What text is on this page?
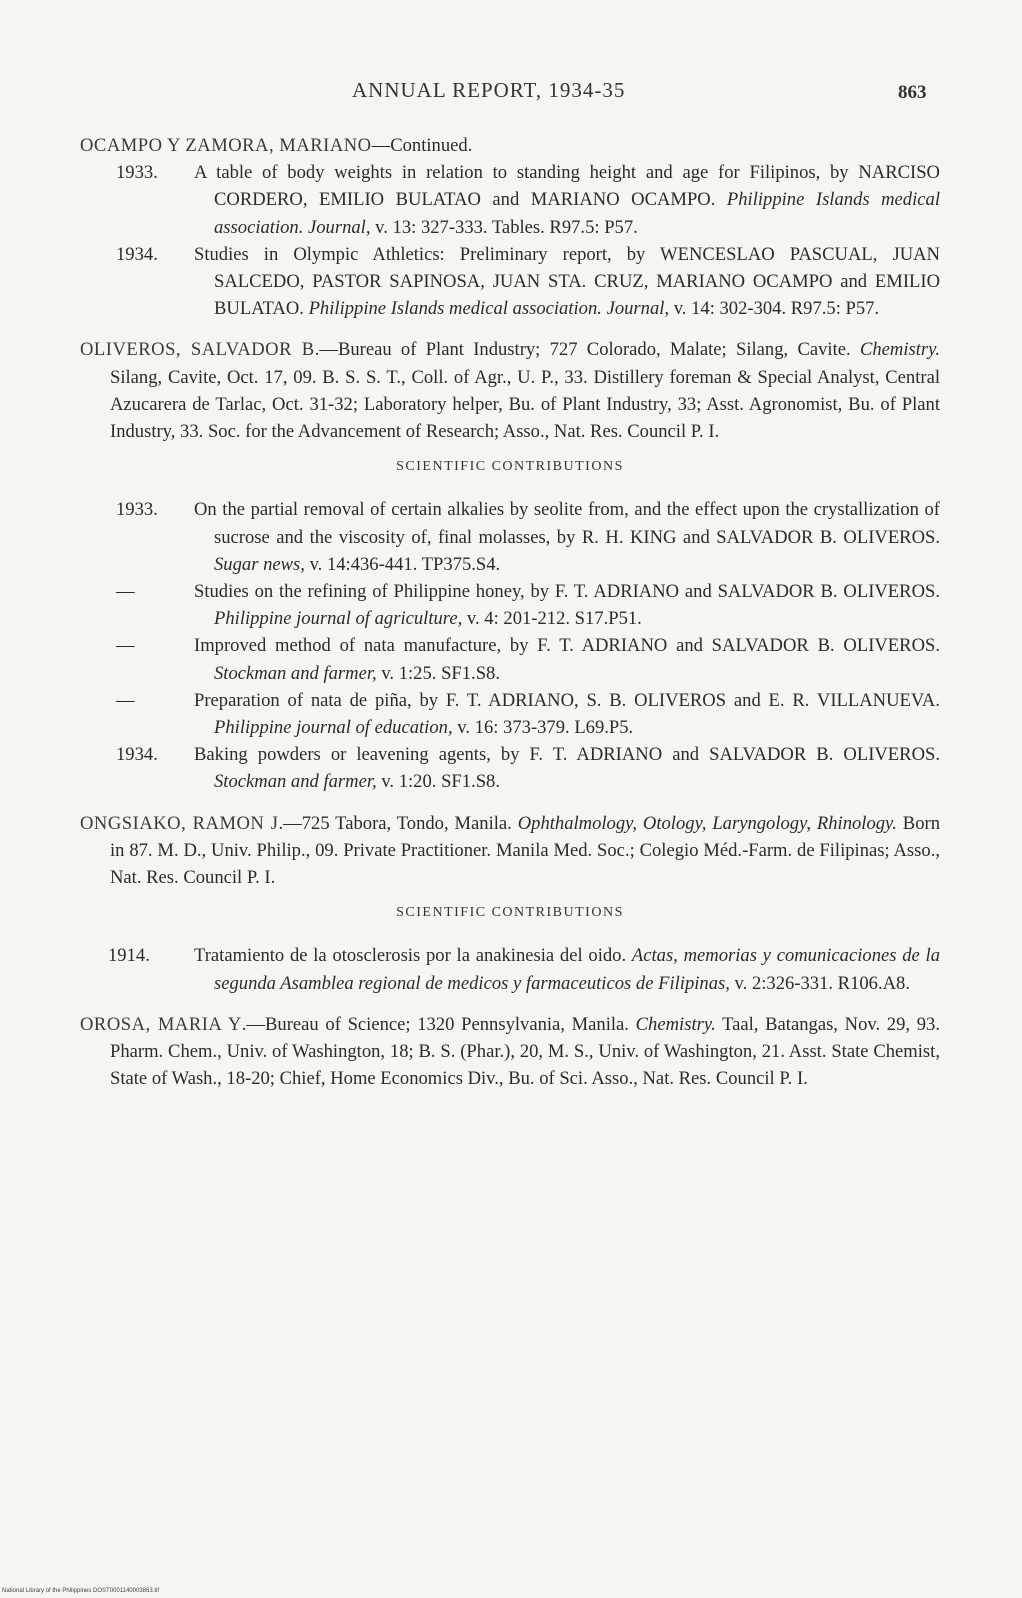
ANNUAL REPORT, 1934-35	863

OCAMPO Y ZAMORA, MARIANO—Continued.

1933.	A table of body weights in relation to standing height and age for Filipinos, by NARCISO CORDERO, EMILIO BULATAO and MARIANO OCAMPO. Philippine Islands medical association. Journal, v. 13: 327-333. Tables. R97.5: P57.

1934.	Studies in Olympic Athletics: Preliminary report, by WENCESLAO PASCUAL, JUAN SALCEDO, PASTOR SAPINOSA, JUAN STA. CRUZ, MARIANO OCAMPO and EMILIO BULATAO. Philippine Islands medical association. Journal, v. 14: 302-304. R97.5: P57.

OLIVEROS, SALVADOR B.—Bureau of Plant Industry; 727 Colorado, Malate; Silang, Cavite. Chemistry. Silang, Cavite, Oct. 17, 09. B. S. S. T., Coll. of Agr., U. P., 33. Distillery foreman & Special Analyst, Central Azucarera de Tarlac, Oct. 31-32; Laboratory helper, Bu. of Plant Industry, 33; Asst. Agronomist, Bu. of Plant Industry, 33. Soc. for the Advancement of Research; Asso., Nat. Res. Council P. I.

SCIENTIFIC CONTRIBUTIONS

1933.	On the partial removal of certain alkalies by seolite from, and the effect upon the crystallization of sucrose and the viscosity of, final molasses, by R. H. KING and SALVADOR B. OLIVEROS. Sugar news, v. 14:436-441. TP375.S4.

—	Studies on the refining of Philippine honey, by F. T. ADRIANO and SALVADOR B. OLIVEROS. Philippine journal of agriculture, v. 4: 201-212. S17.P51.

—	Improved method of nata manufacture, by F. T. ADRIANO and SALVADOR B. OLIVEROS. Stockman and farmer, v. 1:25. SF1.S8.

—	Preparation of nata de piña, by F. T. ADRIANO, S. B. OLIVEROS and E. R. VILLANUEVA. Philippine journal of education, v. 16: 373-379. L69.P5.

1934.	Baking powders or leavening agents, by F. T. ADRIANO and SALVADOR B. OLIVEROS. Stockman and farmer, v. 1:20. SF1.S8.

ONGSIAKO, RAMON J.—725 Tabora, Tondo, Manila. Ophthalmology, Otology, Laryngology, Rhinology. Born in 87. M. D., Univ. Philip., 09. Private Practitioner. Manila Med. Soc.; Colegio Méd.-Farm. de Filipinas; Asso., Nat. Res. Council P. I.

SCIENTIFIC CONTRIBUTIONS

1914.	Tratamiento de la otosclerosis por la anakinesia del oido. Actas, memorias y comunicaciones de la segunda Asamblea regional de medicos y farmaceuticos de Filipinas, v. 2:326-331. R106.A8.

OROSA, MARIA Y.—Bureau of Science; 1320 Pennsylvania, Manila. Chemistry. Taal, Batangas, Nov. 29, 93. Pharm. Chem., Univ. of Washington, 18; B. S. (Phar.), 20, M. S., Univ. of Washington, 21. Asst. State Chemist, State of Wash., 18-20; Chief, Home Economics Div., Bu. of Sci. Asso., Nat. Res. Council P. I.

National Library of the Philippines DOST0001140003863.tif
